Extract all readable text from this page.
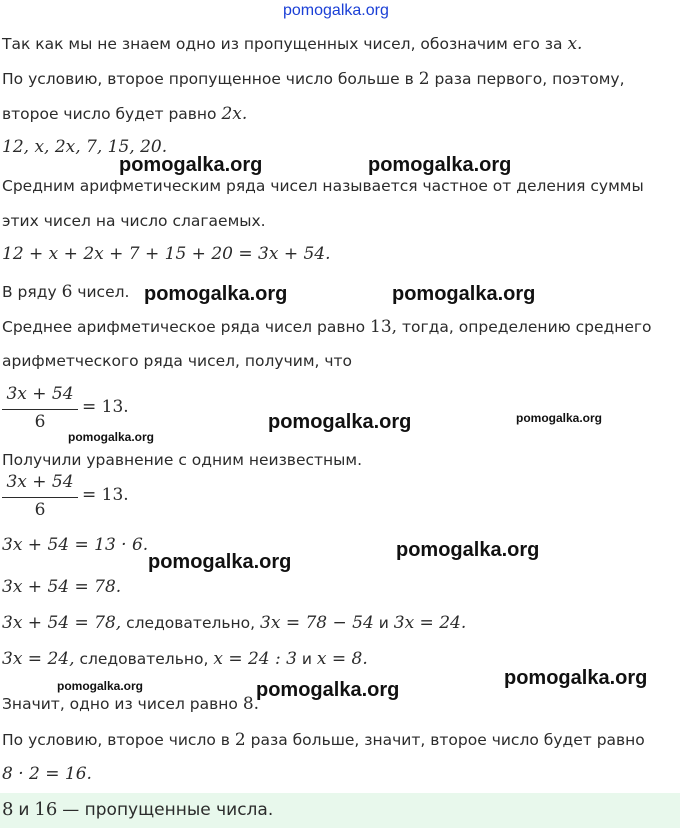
pomogalka.org
Так как мы не знаем одно из пропущенных чисел, обозначим его за x.
По условию, второе пропущенное число больше в 2 раза первого, поэтому,
второе число будет равно 2x.
12, x, 2x, 7, 15, 20.
Средним арифметическим ряда чисел называется частное от деления суммы
этих чисел на число слагаемых.
12 + x + 2x + 7 + 15 + 20 = 3x + 54.
В ряду 6 чисел.
Среднее арифметическое ряда чисел равно 13, тогда, определению среднего
арифметческого ряда чисел, получим, что
3x + 54
6
= 13.
Получили уравнение с одним неизвестным.
3x + 54
6
= 13.
3x + 54 = 13 · 6.
3x + 54 = 78.
3x + 54 = 78, следовательно, 3x = 78 − 54 и 3x = 24.
3x = 24, следовательно, x = 24 : 3 и x = 8.
Значит, одно из чисел равно 8.
По условию, второе число в 2 раза больше, значит, второе число будет равно
8 · 2 = 16.
8 и 16 — пропущенные числа.
pomogalka.org	pomogalka.org
pomogalka.org	pomogalka.org
pomogalka.org	pomogalka.org
pomogalka.org
pomogalka.org
pomogalka.org
pomogalka.org
pomogalka.org	pomogalka.org
